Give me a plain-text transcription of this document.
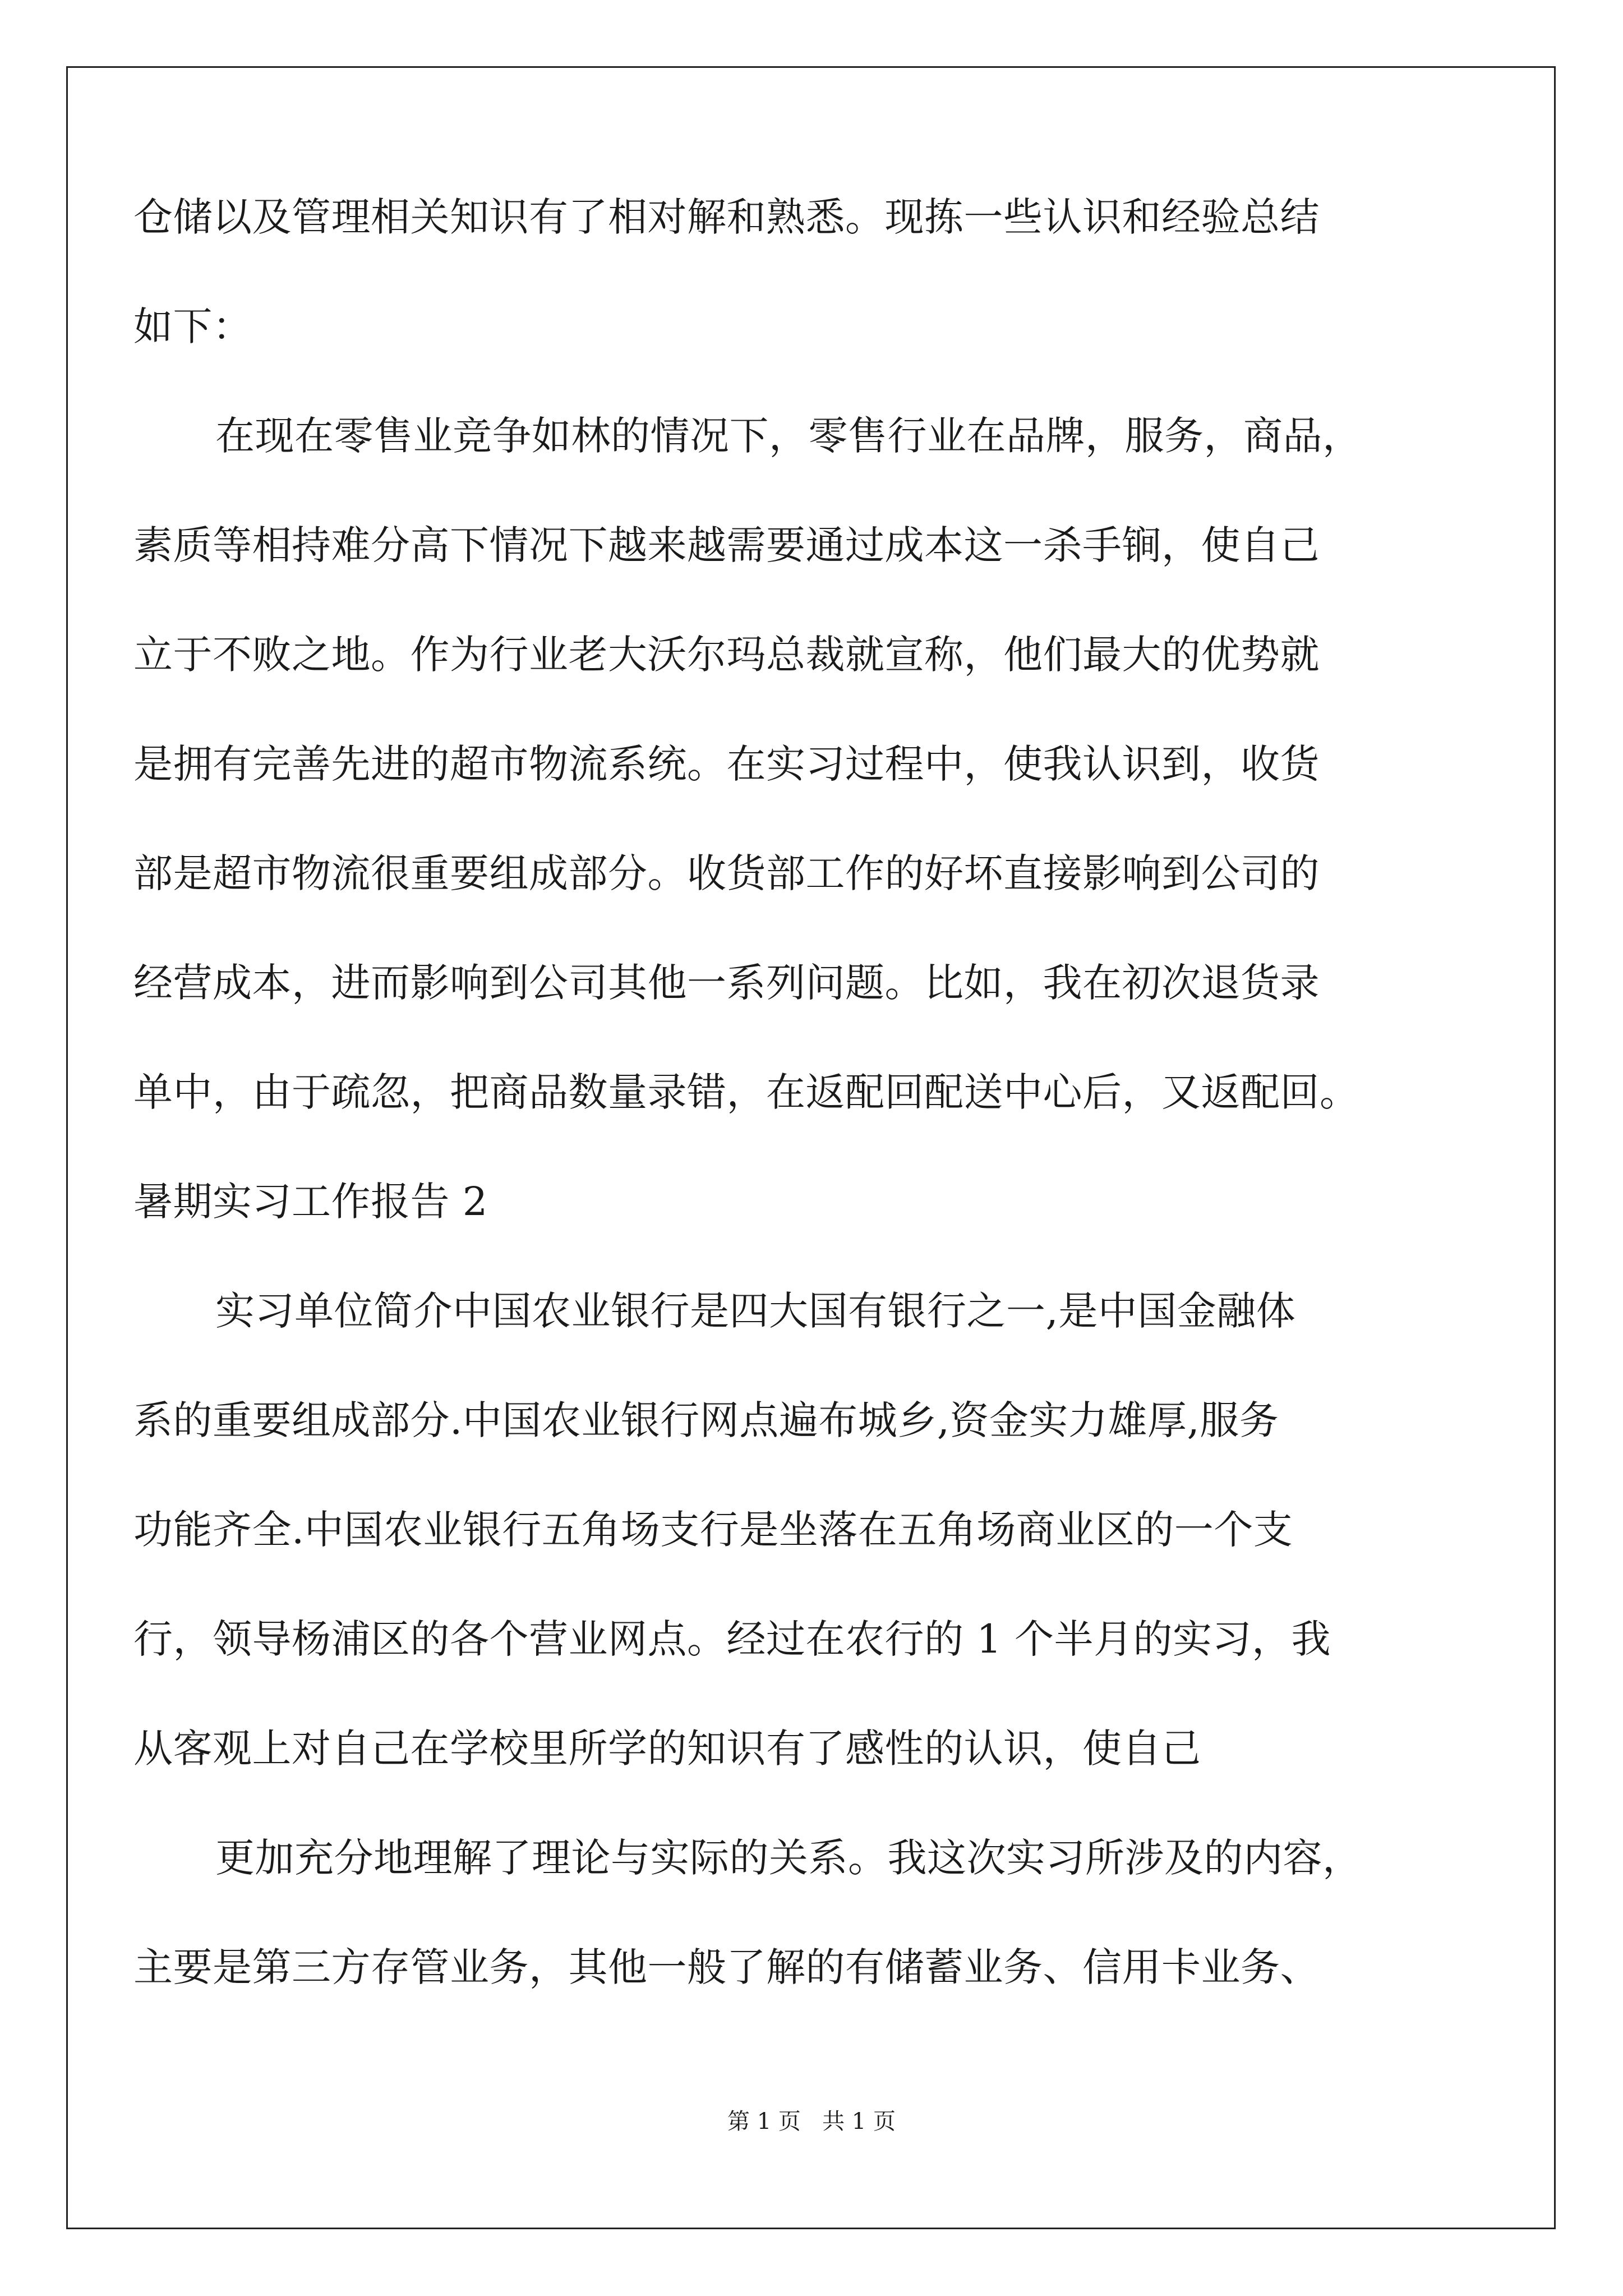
仓储以及管理相关知识有了相对解和熟悉。现拣一些认识和经验总结
如下：
在现在零售业竞争如林的情况下，零售行业在品牌，服务，商品，
素质等相持难分高下情况下越来越需要通过成本这一杀手锏，使自己
立于不败之地。作为行业老大沃尔玛总裁就宣称，他们最大的优势就
是拥有完善先进的超市物流系统。在实习过程中，使我认识到，收货
部是超市物流很重要组成部分。收货部工作的好坏直接影响到公司的
经营成本，进而影响到公司其他一系列问题。比如，我在初次退货录
单中，由于疏忽，把商品数量录错，在返配回配送中心后，又返配回。
暑期实习工作报告 2
实习单位简介中国农业银行是四大国有银行之一,是中国金融体
系的重要组成部分.中国农业银行网点遍布城乡,资金实力雄厚,服务
功能齐全.中国农业银行五角场支行是坐落在五角场商业区的一个支
行，领导杨浦区的各个营业网点。经过在农行的 1 个半月的实习，我
从客观上对自己在学校里所学的知识有了感性的认识，使自己
更加充分地理解了理论与实际的关系。我这次实习所涉及的内容，
主要是第三方存管业务，其他一般了解的有储蓄业务、信用卡业务、
第 1 页 共 1 页
